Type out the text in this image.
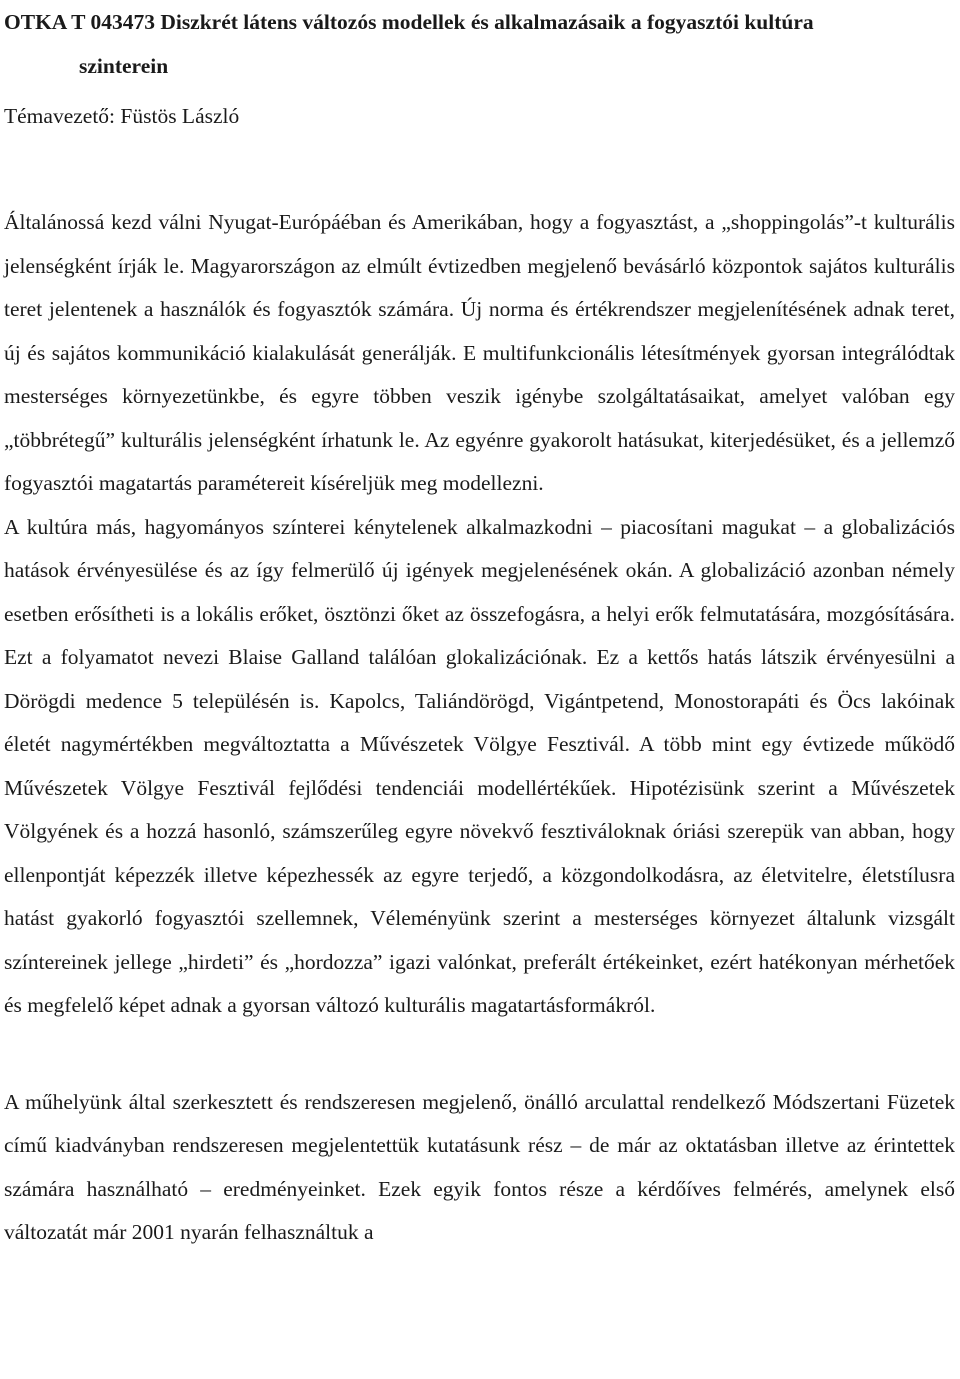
OTKA T 043473 Diszkrét látens változós modellek és alkalmazásaik a fogyasztói kultúra
szinterein

Témavezető: Füstös László

Általánossá kezd válni Nyugat-Európáéban és Amerikában, hogy a fogyasztást, a „shoppingolás”-t kulturális jelenségként írják le. Magyarországon az elmúlt évtizedben megjelenő bevásárló központok sajátos kulturális teret jelentenek a használók és fogyasztók számára. Új norma és értékrendszer megjelenítésének adnak teret, új és sajátos kommunikáció kialakulását generálják. E multifunkcionális létesítmények gyorsan integrálódtak mesterséges környezetünkbe, és egyre többen veszik igénybe szolgáltatásaikat, amelyet valóban egy „többrétegű” kulturális jelenségként írhatunk le. Az egyénre gyakorolt hatásukat, kiterjedésüket, és a jellemző fogyasztói magatartás paramétereit kíséreljük meg modellezni.

A kultúra más, hagyományos színterei kénytelenek alkalmazkodni – piacosítani magukat – a globalizációs hatások érvényesülése és az így felmerülő új igények megjelenésének okán. A globalizáció azonban némely esetben erősítheti is a lokális erőket, ösztönzi őket az összefogásra, a helyi erők felmutatására, mozgósítására. Ezt a folyamatot nevezi Blaise Galland találóan glokalizációnak. Ez a kettős hatás látszik érvényesülni a Dörögdi medence 5 településén is. Kapolcs, Taliándörögd, Vigántpetend, Monostorapáti és Öcs lakóinak életét nagymértékben megváltoztatta a Művészetek Völgye Fesztivál. A több mint egy évtizede működő Művészetek Völgye Fesztivál fejlődési tendenciái modellértékűek. Hipotézisünk szerint a Művészetek Völgyének és a hozzá hasonló, számszerűleg egyre növekvő fesztiváloknak óriási szerepük van abban, hogy ellenpontját képezzék illetve képezhessék az egyre terjedő, a közgondolkodásra, az életvitelre, életstílusra hatást gyakorló fogyasztói szellemnek, Véleményünk szerint a mesterséges környezet általunk vizsgált színtereinek jellege „hirdeti” és „hordozza” igazi valónkat, preferált értékeinket, ezért hatékonyan mérhetőek és megfelelő képet adnak a gyorsan változó kulturális magatartásformákról.

A műhelyünk által szerkesztett és rendszeresen megjelenő, önálló arculattal rendelkező Módszertani Füzetek című kiadványban rendszeresen megjelentettük kutatásunk rész – de már az oktatásban illetve az érintettek számára használható – eredményeinket. Ezek egyik fontos része a kérdőíves felmérés, amelynek első változatát már 2001 nyarán felhasználtuk a
